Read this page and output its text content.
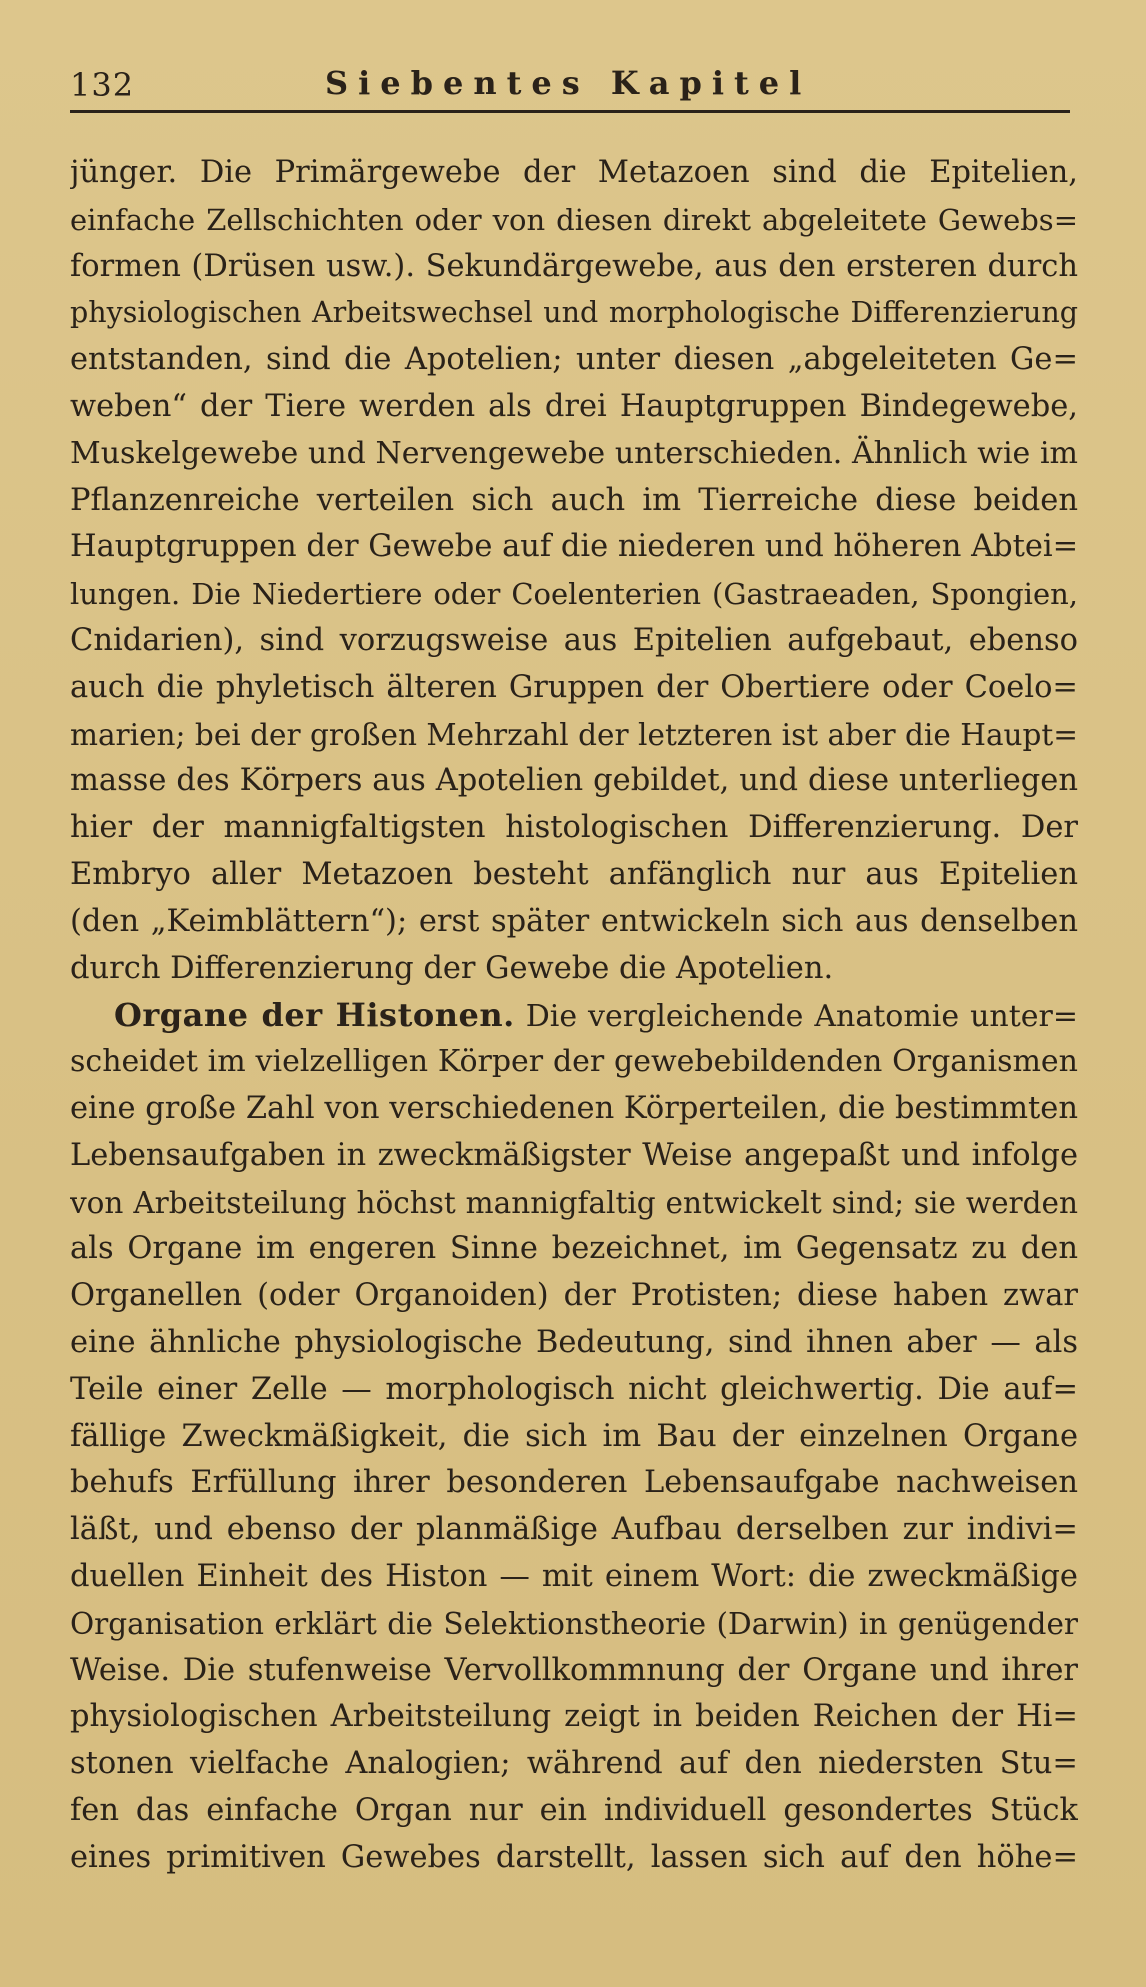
132	Siebentes Kapitel
jünger. Die Primärgewebe der Metazoen sind die Epitelien,
einfache Zellschichten oder von diesen direkt abgeleitete Gewebs=
formen (Drüsen usw.). Sekundärgewebe, aus den ersteren durch
physiologischen Arbeitswechsel und morphologische Differenzierung
entstanden, sind die Apotelien; unter diesen „abgeleiteten Ge=
weben“ der Tiere werden als drei Hauptgruppen Bindegewebe,
Muskelgewebe und Nervengewebe unterschieden. Ähnlich wie im
Pflanzenreiche verteilen sich auch im Tierreiche diese beiden
Hauptgruppen der Gewebe auf die niederen und höheren Abtei=
lungen. Die Niedertiere oder Coelenterien (Gastraeaden, Spongien,
Cnidarien), sind vorzugsweise aus Epitelien aufgebaut, ebenso
auch die phyletisch älteren Gruppen der Obertiere oder Coelo=
marien; bei der großen Mehrzahl der letzteren ist aber die Haupt=
masse des Körpers aus Apotelien gebildet, und diese unterliegen
hier der mannigfaltigsten histologischen Differenzierung. Der
Embryo aller Metazoen besteht anfänglich nur aus Epitelien
(den „Keimblättern“); erst später entwickeln sich aus denselben
durch Differenzierung der Gewebe die Apotelien.
Organe der Histonen. Die vergleichende Anatomie unter=
scheidet im vielzelligen Körper der gewebebildenden Organismen
eine große Zahl von verschiedenen Körperteilen, die bestimmten
Lebensaufgaben in zweckmäßigster Weise angepaßt und infolge
von Arbeitsteilung höchst mannigfaltig entwickelt sind; sie werden
als Organe im engeren Sinne bezeichnet, im Gegensatz zu den
Organellen (oder Organoiden) der Protisten; diese haben zwar
eine ähnliche physiologische Bedeutung, sind ihnen aber — als
Teile einer Zelle — morphologisch nicht gleichwertig. Die auf=
fällige Zweckmäßigkeit, die sich im Bau der einzelnen Organe
behufs Erfüllung ihrer besonderen Lebensaufgabe nachweisen
läßt, und ebenso der planmäßige Aufbau derselben zur indivi=
duellen Einheit des Histon — mit einem Wort: die zweckmäßige
Organisation erklärt die Selektionstheorie (Darwin) in genügender
Weise. Die stufenweise Vervollkommnung der Organe und ihrer
physiologischen Arbeitsteilung zeigt in beiden Reichen der Hi=
stonen vielfache Analogien; während auf den niedersten Stu=
fen das einfache Organ nur ein individuell gesondertes Stück
eines primitiven Gewebes darstellt, lassen sich auf den höhe=
